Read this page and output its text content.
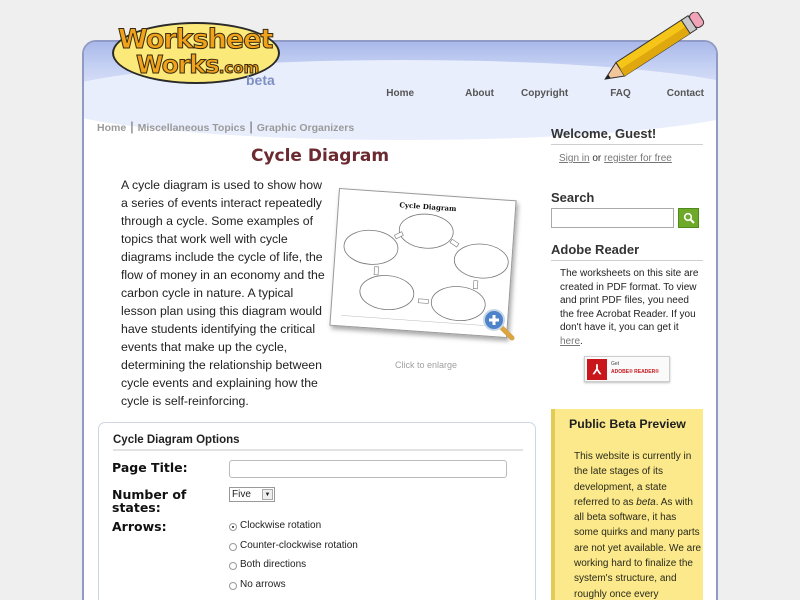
Home	About	Copyright	FAQ	Contact
Worksheet
Works.com
beta
Home | Miscellaneous Topics | Graphic Organizers
Cycle Diagram

A cycle diagram is used to show how a series of events interact repeatedly through a cycle. Some examples of topics that work well with cycle diagrams include the cycle of life, the flow of money in an economy and the carbon cycle in nature. A typical lesson plan using this diagram would have students identifying the critical events that make up the cycle, determining the relationship between cycle events and explaining how the cycle is self-reinforcing.

Cycle Diagram
Click to enlarge
Cycle Diagram Options
Page Title:
Number of
states:
Five	▼
Arrows:	Clockwise rotation
Counter-clockwise rotation
Both directions
No arrows
Welcome, Guest!
Sign in or register for free
Search
Adobe Reader
The worksheets on this site are created in PDF format. To view and print PDF files, you need the free Acrobat Reader. If you don't have it, you can get it here.
⅄	Get
ADOBE® READER®
Public Beta Preview
This website is currently in the late stages of its development, a state referred to as beta. As with all beta software, it has some quirks and many parts are not yet available. We are working hard to finalize the system's structure, and roughly once every
